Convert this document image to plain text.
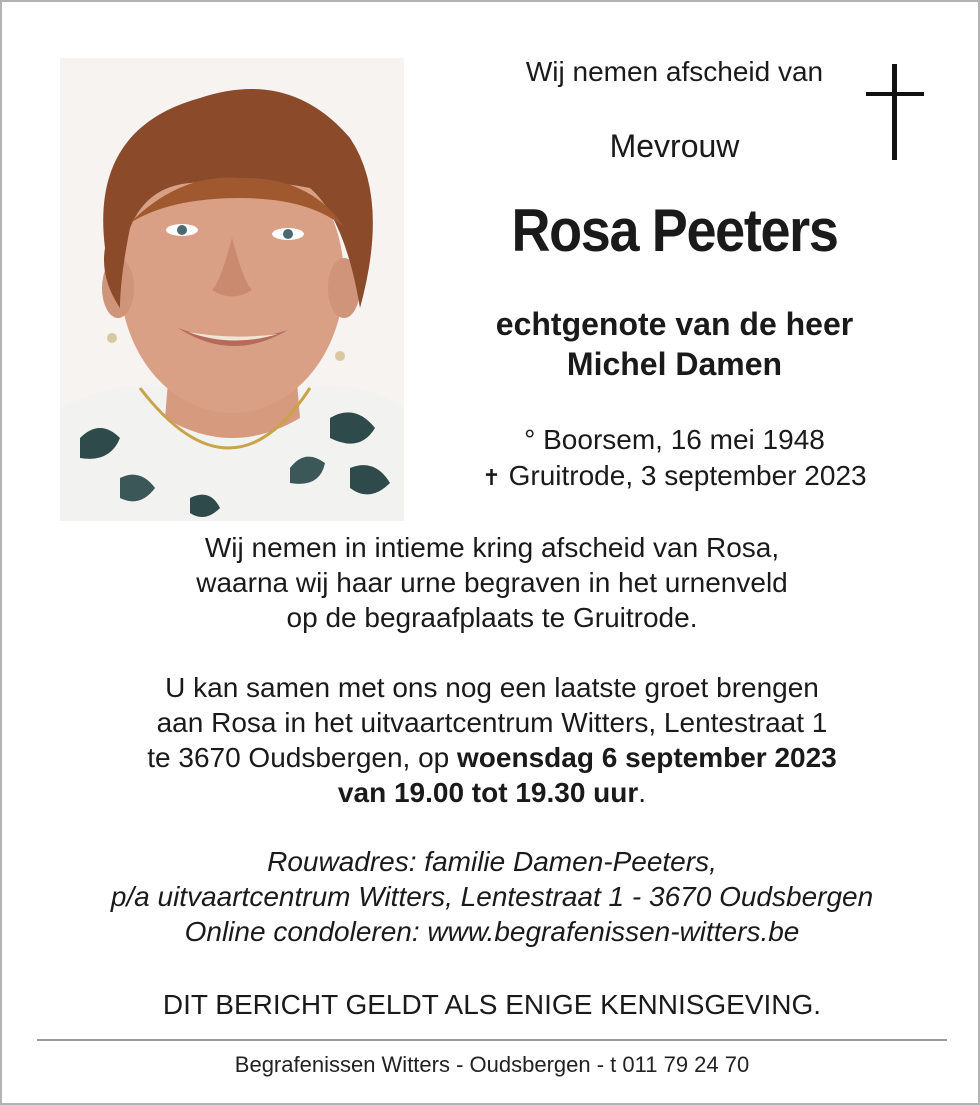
Wij nemen afscheid van
Mevrouw
Rosa Peeters
echtgenote van de heer
Michel Damen
° Boorsem, 16 mei 1948
✝ Gruitrode, 3 september 2023
Wij nemen in intieme kring afscheid van Rosa,
waarna wij haar urne begraven in het urnenveld
op de begraafplaats te Gruitrode.
U kan samen met ons nog een laatste groet brengen
aan Rosa in het uitvaartcentrum Witters, Lentestraat 1
te 3670 Oudsbergen, op woensdag 6 september 2023
van 19.00 tot 19.30 uur.
Rouwadres: familie Damen-Peeters,
p/a uitvaartcentrum Witters, Lentestraat 1 - 3670 Oudsbergen
Online condoleren: www.begrafenissen-witters.be
DIT BERICHT GELDT ALS ENIGE KENNISGEVING.
Begrafenissen Witters - Oudsbergen - t 011 79 24 70
